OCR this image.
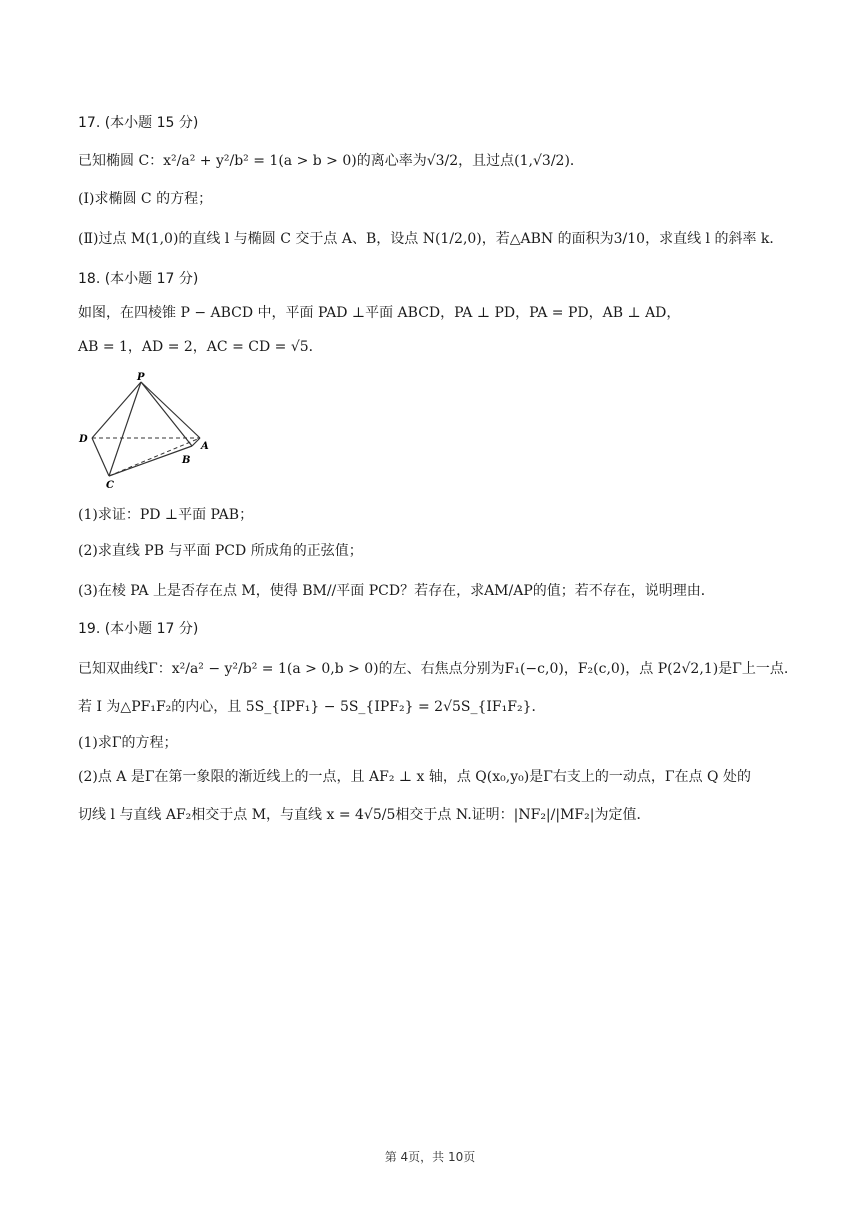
17. (本小题 15 分)
已知椭圆 C：x²/a² + y²/b² = 1(a > b > 0)的离心率为√3/2，且过点(1,√3/2)．
(Ⅰ)求椭圆 C 的方程；
(Ⅱ)过点 M(1,0)的直线 l 与椭圆 C 交于点 A、B，设点 N(1/2,0)，若△ABN 的面积为3/10，求直线 l 的斜率 k．
18. (本小题 17 分)
如图，在四棱锥 P − ABCD 中，平面 PAD ⊥平面 ABCD，PA ⊥ PD，PA = PD，AB ⊥ AD，
AB = 1，AD = 2，AC = CD = √5．
P
D
A
B
C
(1)求证：PD ⊥平面 PAB；
(2)求直线 PB 与平面 PCD 所成角的正弦值；
(3)在棱 PA 上是否存在点 M，使得 BM//平面 PCD？若存在，求AM/AP的值；若不存在，说明理由．
19. (本小题 17 分)
已知双曲线Γ：x²/a² − y²/b² = 1(a > 0,b > 0)的左、右焦点分别为F₁(−c,0)，F₂(c,0)，点 P(2√2,1)是Γ上一点.
若 I 为△PF₁F₂的内心，且 5S_{IPF₁} − 5S_{IPF₂} = 2√5S_{IF₁F₂}．
(1)求Γ的方程；
(2)点 A 是Γ在第一象限的渐近线上的一点，且 AF₂ ⊥ x 轴，点 Q(x₀,y₀)是Γ右支上的一动点，Γ在点 Q 处的
切线 l 与直线 AF₂相交于点 M，与直线 x = 4√5/5相交于点 N.证明：|NF₂|/|MF₂|为定值．
第 4页，共 10页
